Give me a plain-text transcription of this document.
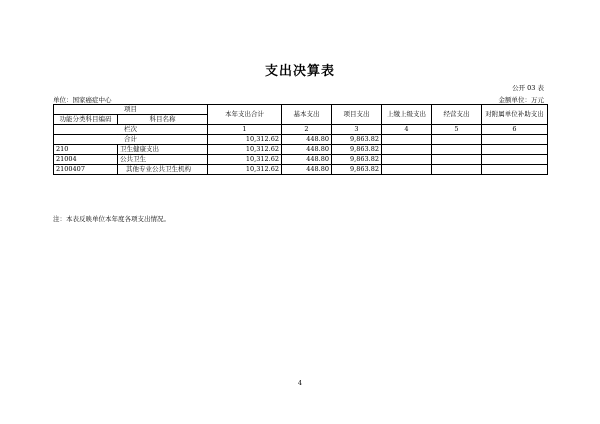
支出决算表
公开 03 表
单位：国家癌症中心	金额单位：万元
项目		本年支出合计	基本支出	项目支出	上缴上级支出	经营支出	对附属单位补助支出
功能分类科目编码	科目名称						
栏次		1	2	3	4	5	6
合计		10,312.62	448.80	9,863.82			
210	卫生健康支出	10,312.62	448.80	9,863.82			
21004	公共卫生	10,312.62	448.80	9,863.82			
2100407	其他专业公共卫生机构	10,312.62	448.80	9,863.82			
注：本表反映单位本年度各项支出情况。
4
